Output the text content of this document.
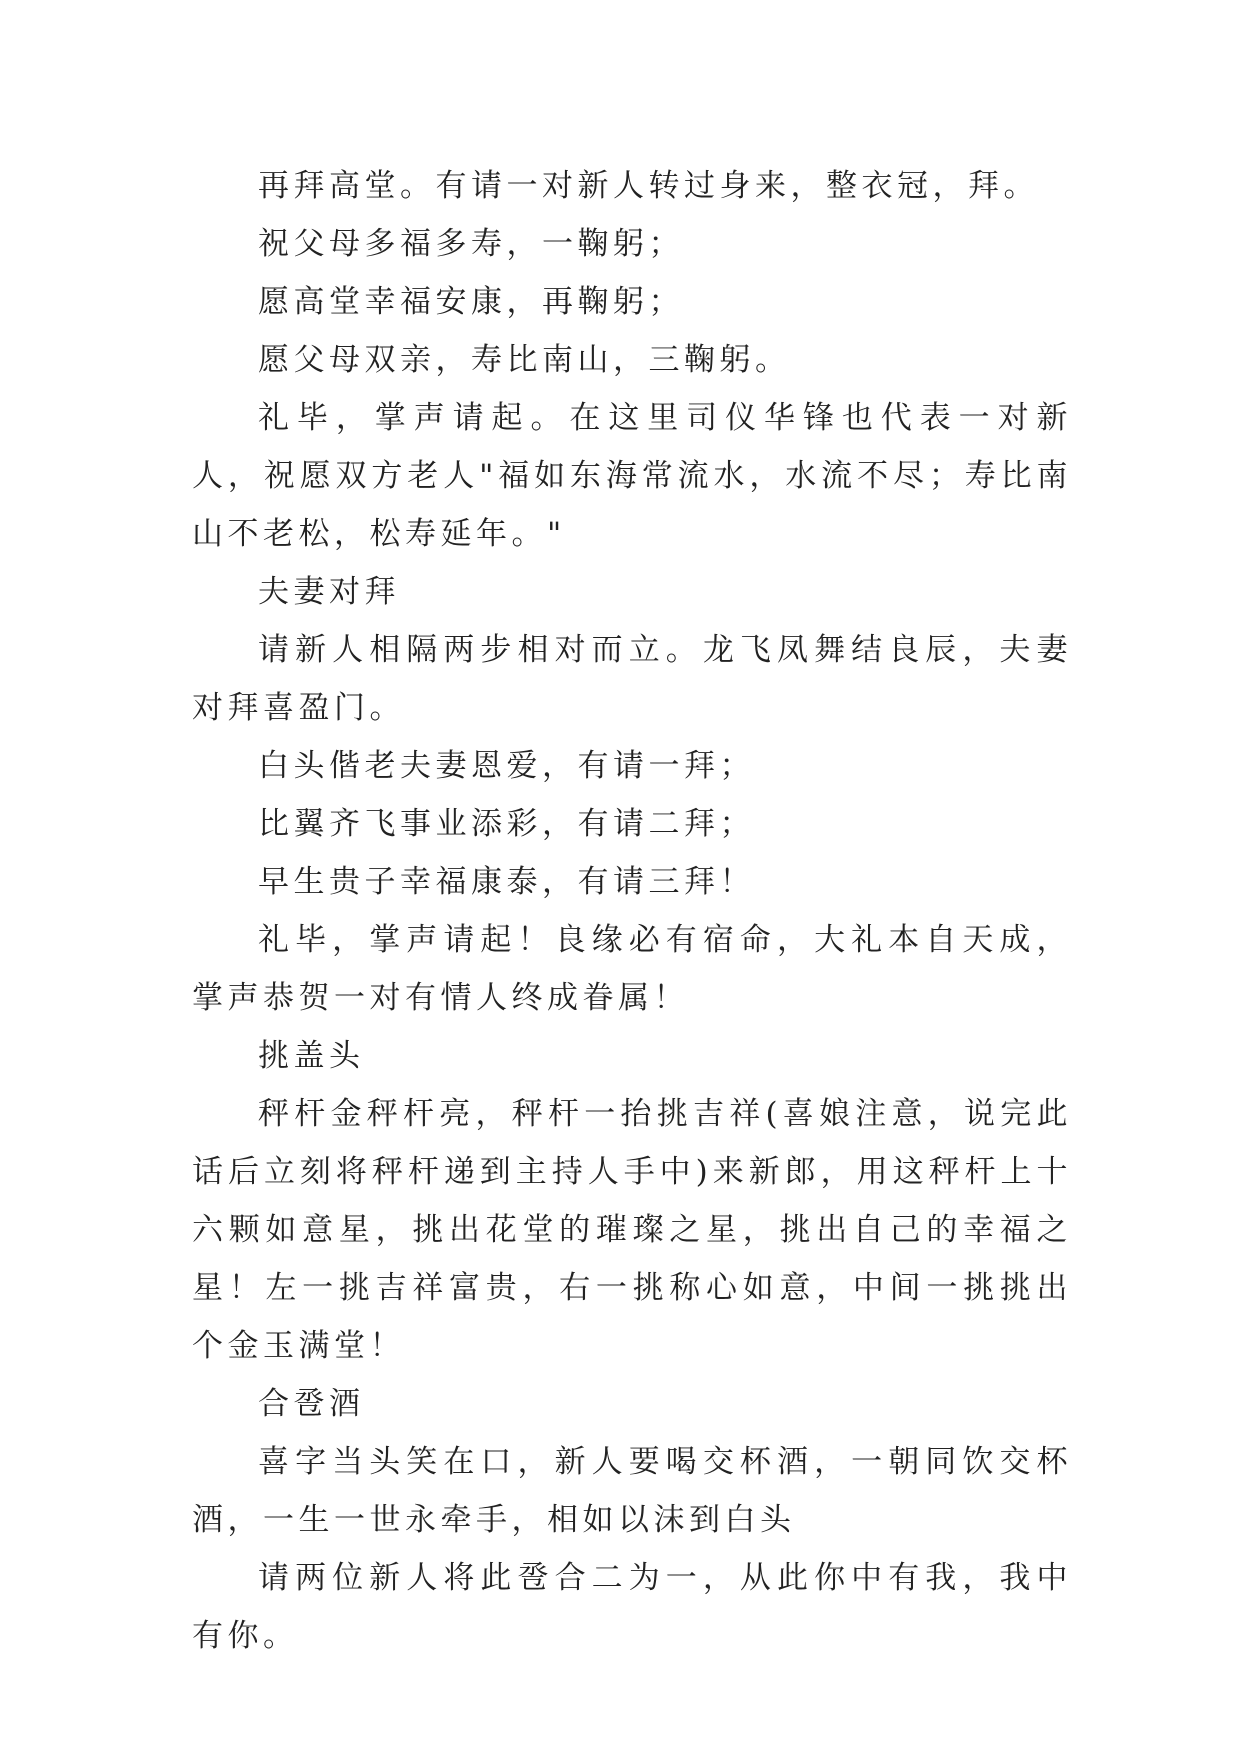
再拜高堂。有请一对新人转过身来，整衣冠，拜。

祝父母多福多寿，一鞠躬；

愿高堂幸福安康，再鞠躬；

愿父母双亲，寿比南山，三鞠躬。

礼毕，掌声请起。在这里司仪华锋也代表一对新人，祝愿双方老人"福如东海常流水，水流不尽；寿比南山不老松，松寿延年。"

夫妻对拜

请新人相隔两步相对而立。龙飞凤舞结良辰，夫妻对拜喜盈门。

白头偕老夫妻恩爱，有请一拜；

比翼齐飞事业添彩，有请二拜；

早生贵子幸福康泰，有请三拜！

礼毕，掌声请起！良缘必有宿命，大礼本自天成，掌声恭贺一对有情人终成眷属！

挑盖头

秤杆金秤杆亮，秤杆一抬挑吉祥(喜娘注意，说完此话后立刻将秤杆递到主持人手中)来新郎，用这秤杆上十六颗如意星，挑出花堂的璀璨之星，挑出自己的幸福之星！左一挑吉祥富贵，右一挑称心如意，中间一挑挑出个金玉满堂！

合卺酒

喜字当头笑在口，新人要喝交杯酒，一朝同饮交杯酒，一生一世永牵手，相如以沫到白头

请两位新人将此卺合二为一，从此你中有我，我中有你。
